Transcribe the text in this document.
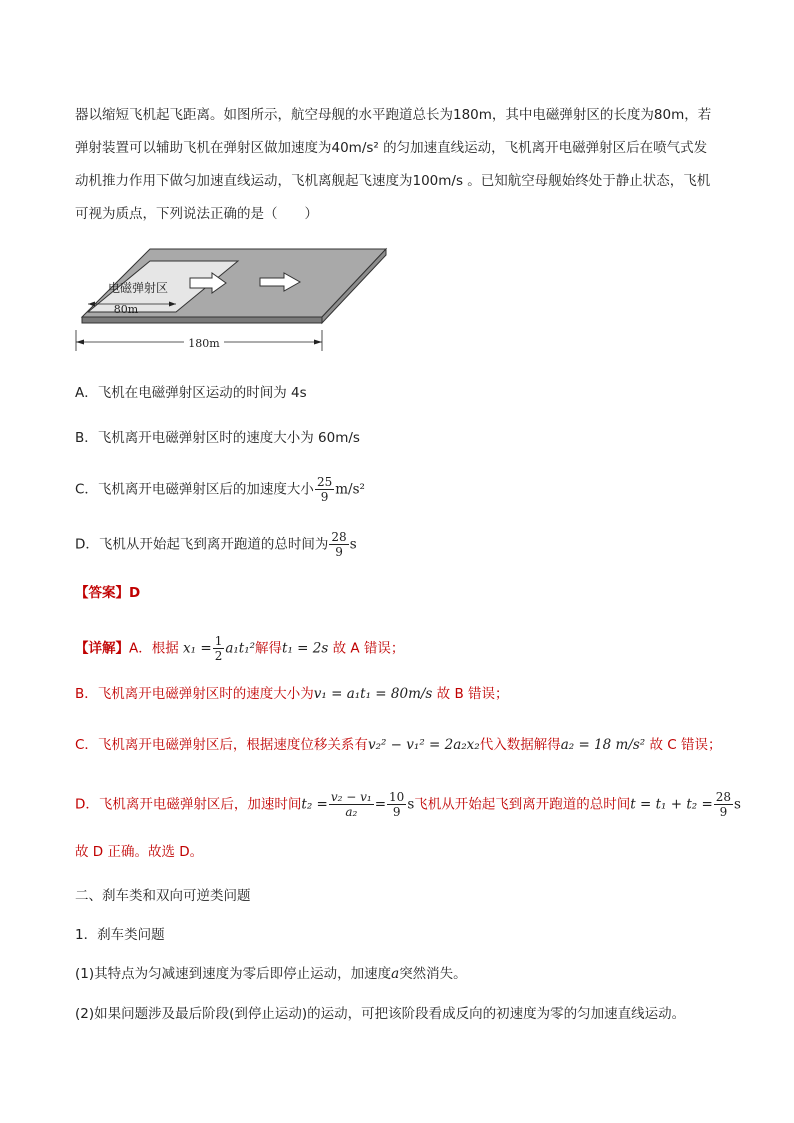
器以缩短飞机起飞距离。如图所示，航空母舰的水平跑道总长为180m，其中电磁弹射区的长度为80m，若
弹射装置可以辅助飞机在弹射区做加速度为40m/s² 的匀加速直线运动，飞机离开电磁弹射区后在喷气式发
动机推力作用下做匀加速直线运动，飞机离舰起飞速度为100m/s 。已知航空母舰始终处于静止状态，飞机
可视为质点，下列说法正确的是（　　）
电磁弹射区
80m
180m
A．飞机在电磁弹射区运动的时间为 4s
B．飞机离开电磁弹射区时的速度大小为 60m/s
C．飞机离开电磁弹射区后的加速度大小 $\frac{25}{9} m/s^2$
D．飞机从开始起飞到离开跑道的总时间为 $\frac{28}{9}$ s
【答案】D
【详解】A．根据 $x_1 = \frac{1}{2} a_1t_1^2$解得t₁ = 2s 故 A 错误；
B．飞机离开电磁弹射区时的速度大小为v₁ = a₁t₁ = 80m/s 故 B 错误；
C．飞机离开电磁弹射区后，根据速度位移关系有v₂² − v₁² = 2a₂x₂代入数据解得a₂ = 18 m/s² 故 C 错误；
D．飞机离开电磁弹射区后，加速时间$t_2 = \frac{\text{v₂ − v₁}}{\text{a₂}} = \frac{10}{9}$ s飞机从开始起飞到离开跑道的总时间$t = t_1 + t_2 = \frac{28}{9}$ s
故 D 正确。故选 D。
二、刹车类和双向可逆类问题
1．刹车类问题
(1)其特点为匀减速到速度为零后即停止运动，加速度a突然消失。
(2)如果问题涉及最后阶段(到停止运动)的运动，可把该阶段看成反向的初速度为零的匀加速直线运动。
